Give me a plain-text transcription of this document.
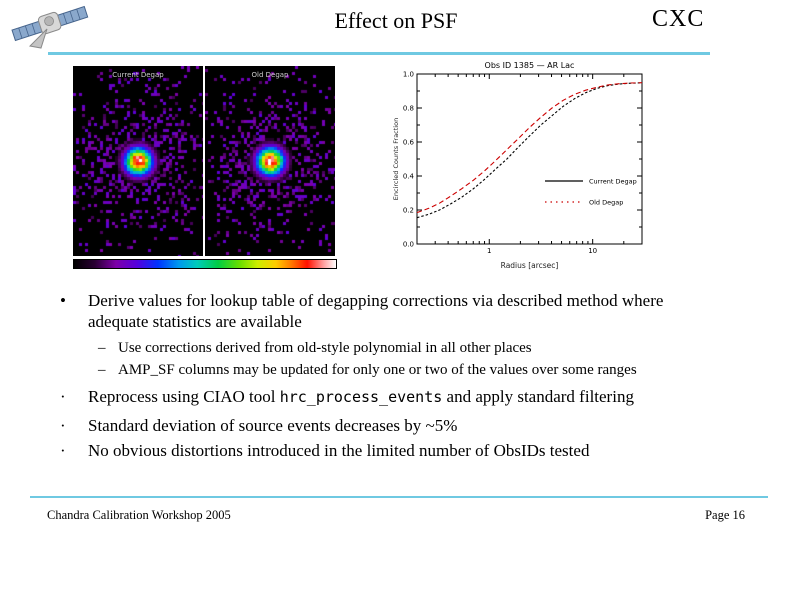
Effect on PSF	CXC
Current Degap	Old Degap
Obs ID 1385 — AR Lac
1.0
0.8
0.6
0.4
0.2
0.0
1	10
Radius [arcsec]
Encircled Counts Fraction	Current Degap
Old Degap
•	Derive values for lookup table of degapping corrections via described method where adequate statistics are available
– Use corrections derived from old-style polynomial in all other places
– AMP_SF columns may be updated for only one or two of the values over some ranges
·	Reprocess using CIAO tool hrc_process_events and apply standard filtering
·	Standard deviation of source events decreases by ~5%
·	No obvious distortions introduced in the limited number of ObsIDs tested
Chandra Calibration Workshop 2005	Page 16
